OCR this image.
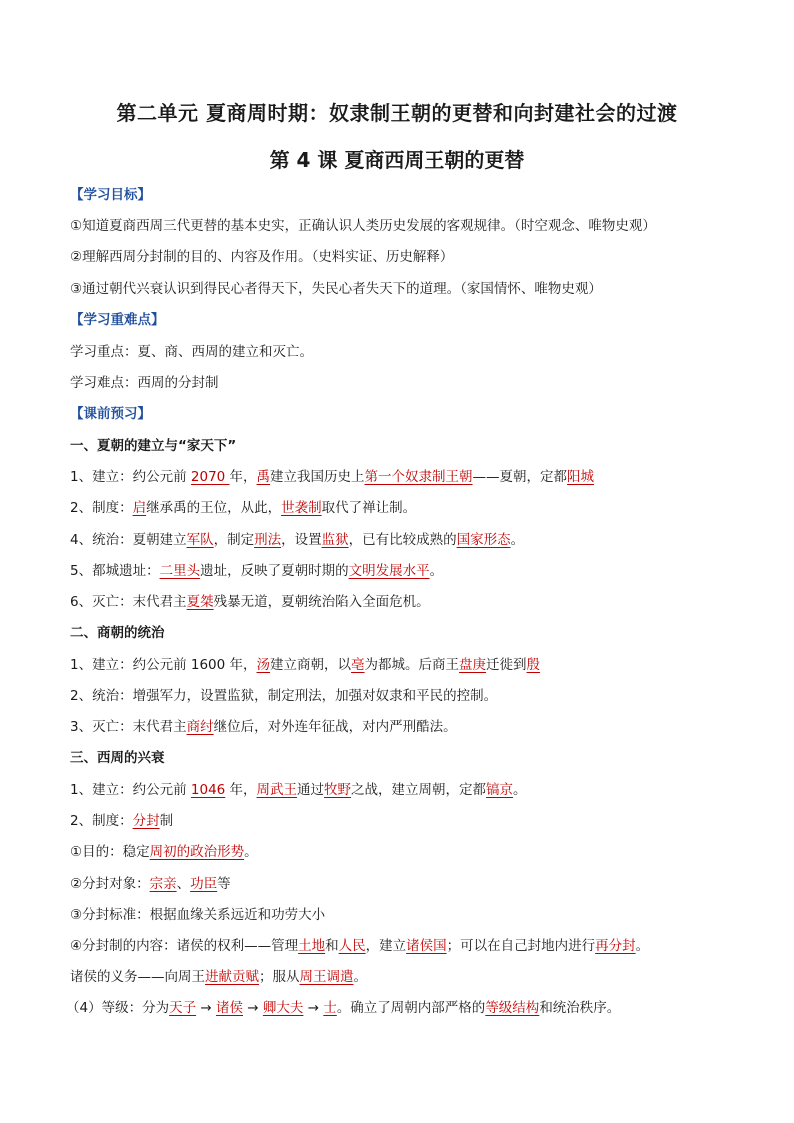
第二单元 夏商周时期：奴隶制王朝的更替和向封建社会的过渡
第 4 课 夏商西周王朝的更替
【学习目标】
①知道夏商西周三代更替的基本史实，正确认识人类历史发展的客观规律。（时空观念、唯物史观）
②理解西周分封制的目的、内容及作用。（史料实证、历史解释）
③通过朝代兴衰认识到得民心者得天下，失民心者失天下的道理。（家国情怀、唯物史观）
【学习重难点】
学习重点：夏、商、西周的建立和灭亡。
学习难点：西周的分封制
【课前预习】
一、夏朝的建立与“家天下”
1、建立：约公元前 2070 年，禹建立我国历史上第一个奴隶制王朝——夏朝，定都阳城
2、制度：启继承禹的王位，从此，世袭制取代了禅让制。
4、统治：夏朝建立军队，制定刑法，设置监狱，已有比较成熟的国家形态。
5、都城遗址：二里头遗址，反映了夏朝时期的文明发展水平。
6、灭亡：末代君主夏桀残暴无道，夏朝统治陷入全面危机。
二、商朝的统治
1、建立：约公元前 1600 年，汤建立商朝，以亳为都城。后商王盘庚迁徙到殷
2、统治：增强军力，设置监狱，制定刑法，加强对奴隶和平民的控制。
3、灭亡：末代君主商纣继位后，对外连年征战，对内严刑酷法。
三、西周的兴衰
1、建立：约公元前 1046 年，周武王通过牧野之战，建立周朝，定都镐京。
2、制度：分封制
①目的：稳定周初的政治形势。
②分封对象：宗亲、功臣等
③分封标准：根据血缘关系远近和功劳大小
④分封制的内容：诸侯的权利——管理土地和人民，建立诸侯国；可以在自己封地内进行再分封。
诸侯的义务——向周王进献贡赋；服从周王调遣。
（4）等级：分为天子 → 诸侯 → 卿大夫 → 士。确立了周朝内部严格的等级结构和统治秩序。
